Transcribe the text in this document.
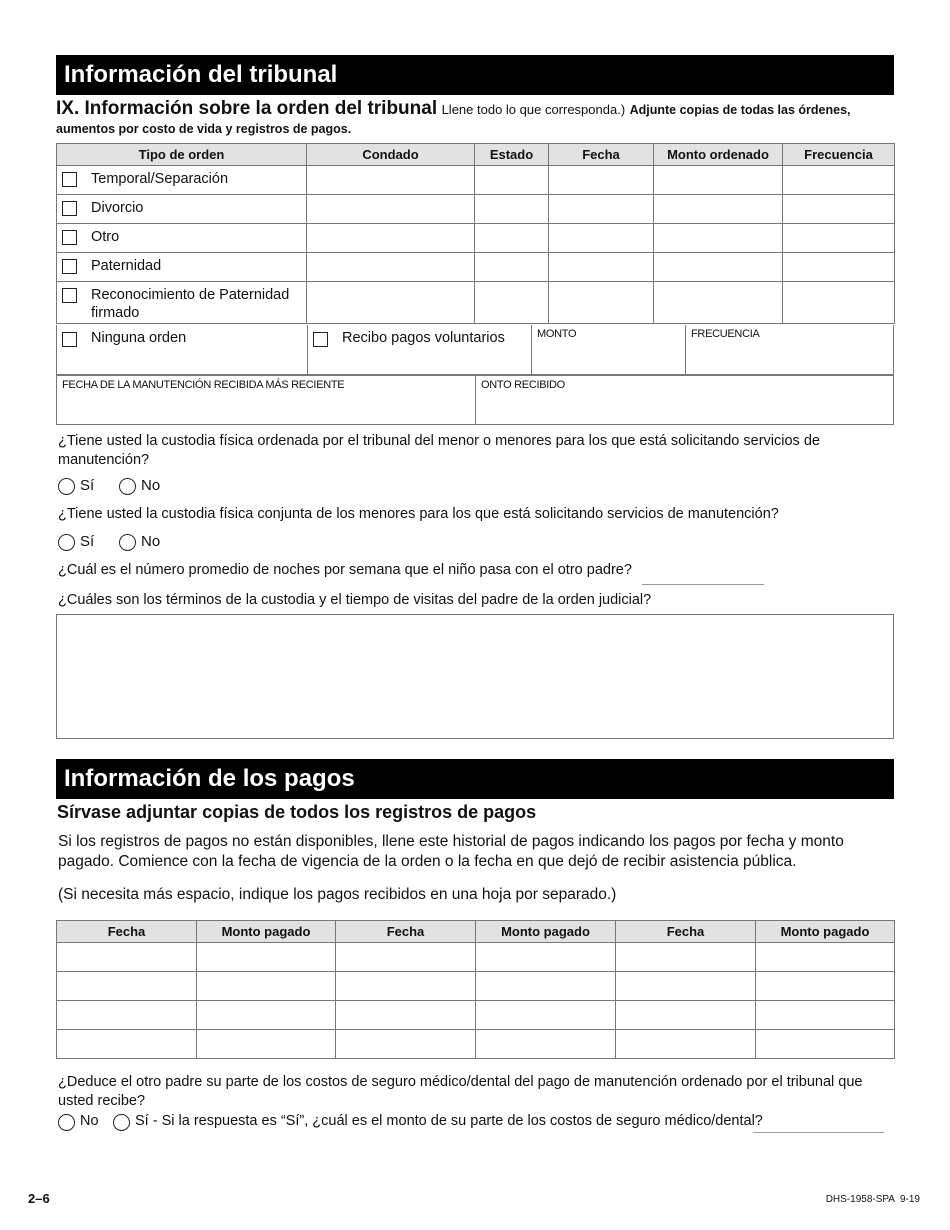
Información del tribunal
IX. Información sobre la orden del tribunal Llene todo lo que corresponda.) Adjunte copias de todas las órdenes,
aumentos por costo de vida y registros de pagos.
Tipo de orden	Condado	Estado	Fecha	Monto ordenado	Frecuencia

Temporal/Separación					

Divorcio					

Otro					

Paternidad					

Reconocimiento de Paternidad firmado					

Ninguna orden	Recibo pagos voluntarios	MONTO	FRECUENCIA
FECHA DE LA MANUTENCIÓN RECIBIDA MÁS RECIENTE	ONTO RECIBIDO
¿Tiene usted la custodia física ordenada por el tribunal del menor o menores para los que está solicitando servicios de manutención?
Sí	No
¿Tiene usted la custodia física conjunta de los menores para los que está solicitando servicios de manutención?
Sí	No
¿Cuál es el número promedio de noches por semana que el niño pasa con el otro padre?
¿Cuáles son los términos de la custodia y el tiempo de visitas del padre de la orden judicial?
Información de los pagos
Sírvase adjuntar copias de todos los registros de pagos
Si los registros de pagos no están disponibles, llene este historial de pagos indicando los pagos por fecha y monto pagado. Comience con la fecha de vigencia de la orden o la fecha en que dejó de recibir asistencia pública.
(Si necesita más espacio, indique los pagos recibidos en una hoja por separado.)
Fecha	Monto pagado	Fecha	Monto pagado	Fecha	Monto pagado

¿Deduce el otro padre su parte de los costos de seguro médico/dental del pago de manutención ordenado por el tribunal que usted recibe?
No	Sí - Si la respuesta es “Sí”, ¿cuál es el monto de su parte de los costos de seguro médico/dental?
2–6	DHS-1958-SPA  9-19
